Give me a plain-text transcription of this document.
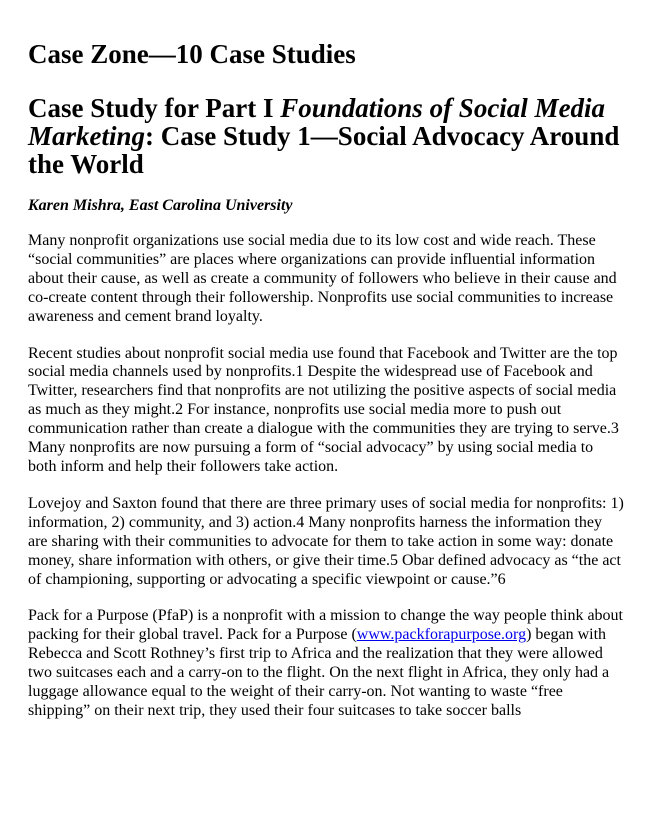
Case Zone—10 Case Studies
Case Study for Part I Foundations of Social Media Marketing: Case Study 1—Social Advocacy Around the World
Karen Mishra, East Carolina University

Many nonprofit organizations use social media due to its low cost and wide reach. These “social communities” are places where organizations can provide influential information about their cause, as well as create a community of followers who believe in their cause and co-create content through their followership. Nonprofits use social communities to increase awareness and cement brand loyalty.

Recent studies about nonprofit social media use found that Facebook and Twitter are the top social media channels used by nonprofits.1 Despite the widespread use of Facebook and Twitter, researchers find that nonprofits are not utilizing the positive aspects of social media as much as they might.2 For instance, nonprofits use social media more to push out communication rather than create a dialogue with the communities they are trying to serve.3 Many nonprofits are now pursuing a form of “social advocacy” by using social media to both inform and help their followers take action.

Lovejoy and Saxton found that there are three primary uses of social media for nonprofits: 1) information, 2) community, and 3) action.4 Many nonprofits harness the information they are sharing with their communities to advocate for them to take action in some way: donate money, share information with others, or give their time.5 Obar defined advocacy as “the act of championing, supporting or advocating a specific viewpoint or cause.”6

Pack for a Purpose (PfaP) is a nonprofit with a mission to change the way people think about packing for their global travel. Pack for a Purpose (www.packforapurpose.org) began with Rebecca and Scott Rothney’s first trip to Africa and the realization that they were allowed two suitcases each and a carry-on to the flight. On the next flight in Africa, they only had a luggage allowance equal to the weight of their carry-on. Not wanting to waste “free shipping” on their next trip, they used their four suitcases to take soccer balls
